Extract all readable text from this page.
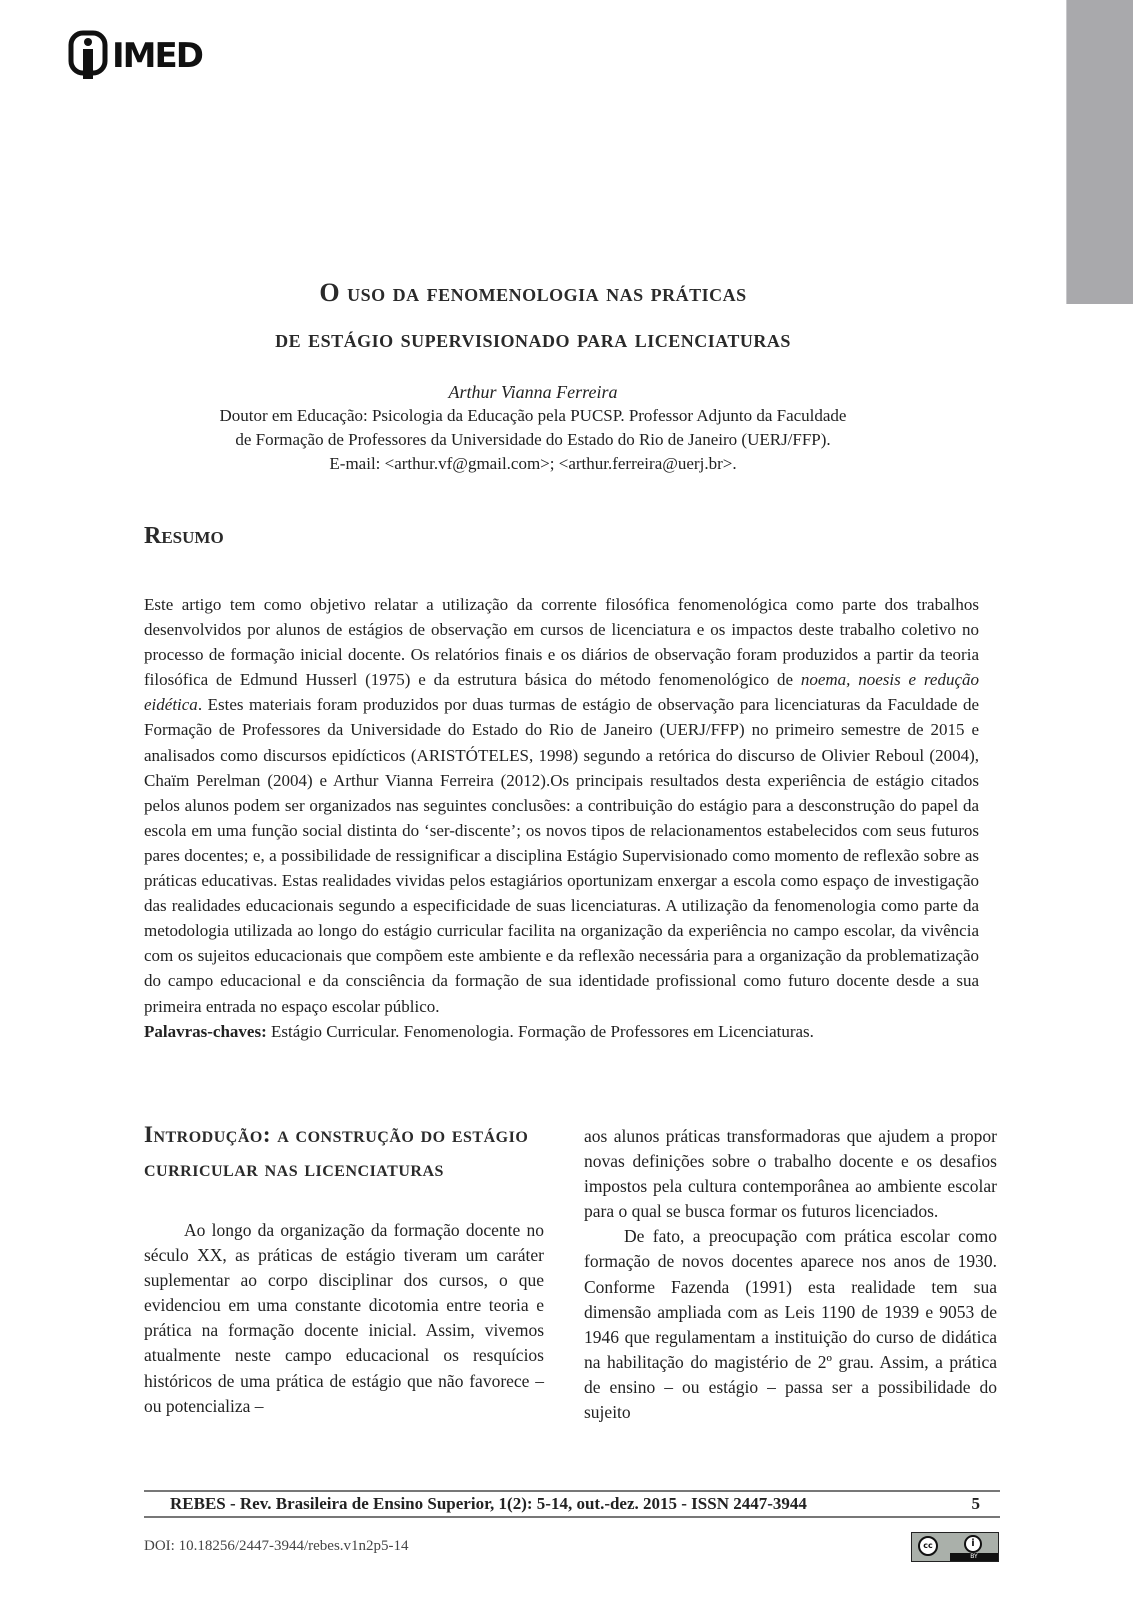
IMED
O uso da fenomenologia nas práticas
de estágio supervisionado para licenciaturas
Arthur Vianna Ferreira
Doutor em Educação: Psicologia da Educação pela PUCSP. Professor Adjunto da Faculdade
de Formação de Professores da Universidade do Estado do Rio de Janeiro (UERJ/FFP).
E-mail: <arthur.vf@gmail.com>; <arthur.ferreira@uerj.br>.
Resumo
Este artigo tem como objetivo relatar a utilização da corrente filosófica fenomenológica como parte dos trabalhos desenvolvidos por alunos de estágios de observação em cursos de licenciatura e os impactos deste trabalho coletivo no processo de formação inicial docente. Os relatórios finais e os diários de observação foram produzidos a partir da teoria filosófica de Edmund Husserl (1975) e da estrutura básica do método fenomenológico de noema, noesis e redução eidética. Estes materiais foram produzidos por duas turmas de estágio de observação para licenciaturas da Faculdade de Formação de Professores da Universidade do Estado do Rio de Janeiro (UERJ/FFP) no primeiro semestre de 2015 e analisados como discursos epidícticos (ARISTÓTELES, 1998) segundo a retórica do discurso de Olivier Reboul (2004), Chaïm Perelman (2004) e Arthur Vianna Ferreira (2012).Os principais resultados desta experiência de estágio citados pelos alunos podem ser organizados nas seguintes conclusões: a contribuição do estágio para a desconstrução do papel da escola em uma função social distinta do ‘ser-discente’; os novos tipos de relacionamentos estabelecidos com seus futuros pares docentes; e, a possibilidade de ressignificar a disciplina Estágio Supervisionado como momento de reflexão sobre as práticas educativas. Estas realidades vividas pelos estagiários oportunizam enxergar a escola como espaço de investigação das realidades educacionais segundo a especificidade de suas licenciaturas. A utilização da fenomenologia como parte da metodologia utilizada ao longo do estágio curricular facilita na organização da experiência no campo escolar, da vivência com os sujeitos educacionais que compõem este ambiente e da reflexão necessária para a organização da problematização do campo educacional e da consciência da formação de sua identidade profissional como futuro docente desde a sua primeira entrada no espaço escolar público.
Palavras-chaves: Estágio Curricular. Fenomenologia. Formação de Professores em Licenciaturas.
Introdução: a construção do estágio curricular nas licenciaturas

Ao longo da organização da formação docente no século XX, as práticas de estágio tiveram um caráter suplementar ao corpo disciplinar dos cursos, o que evidenciou em uma constante dicotomia entre teoria e prática na formação docente inicial. Assim, vivemos atualmente neste campo educacional os resquícios históricos de uma prática de estágio que não favorece – ou potencializa –

aos alunos práticas transformadoras que ajudem a propor novas definições sobre o trabalho docente e os desafios impostos pela cultura contemporânea ao ambiente escolar para o qual se busca formar os futuros licenciados.

De fato, a preocupação com prática escolar como formação de novos docentes aparece nos anos de 1930. Conforme Fazenda (1991) esta realidade tem sua dimensão ampliada com as Leis 1190 de 1939 e 9053 de 1946 que regulamentam a instituição do curso de didática na habilitação do magistério de 2º grau. Assim, a prática de ensino – ou estágio – passa ser a possibilidade do sujeito

REBES - Rev. Brasileira de Ensino Superior, 1(2): 5-14, out.-dez. 2015 - ISSN 2447-3944	5
DOI: 10.18256/2447-3944/rebes.v1n2p5-14	cc	i
BY
